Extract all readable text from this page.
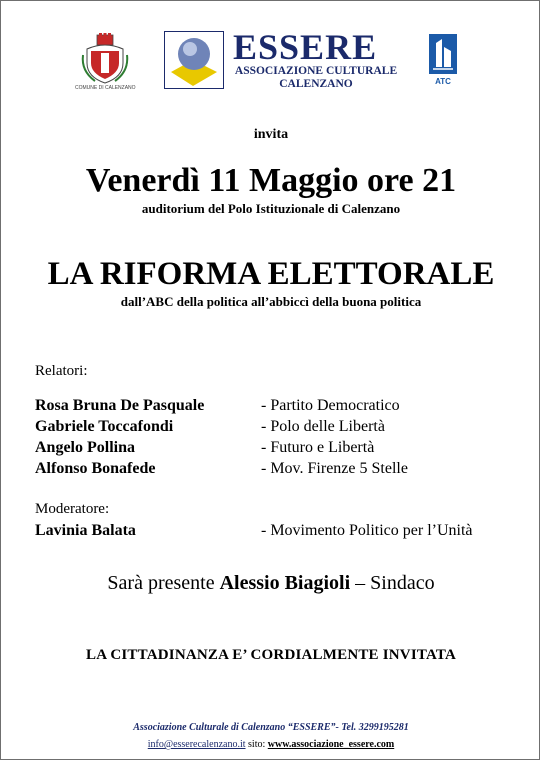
COMUNE DI CALENZANO
ESSERE
ASSOCIAZIONE CULTURALE
CALENZANO	ATC
invita
Venerdì 11 Maggio ore 21
auditorium del Polo Istituzionale di Calenzano
LA RIFORMA ELETTORALE
dall’ABC della politica all’abbiccì della buona politica
Relatori:
Rosa Bruna De Pasquale	- Partito Democratico
Gabriele Toccafondi	- Polo delle Libertà
Angelo Pollina	- Futuro e Libertà
Alfonso Bonafede	- Mov. Firenze 5 Stelle
Moderatore:
Lavinia Balata	- Movimento Politico per l’Unità
Sarà presente Alessio Biagioli – Sindaco
LA CITTADINANZA E’ CORDIALMENTE INVITATA
Associazione Culturale di Calenzano “ESSERE”- Tel. 3299195281
info@esserecalenzano.it sito: www.associazione_essere.com
